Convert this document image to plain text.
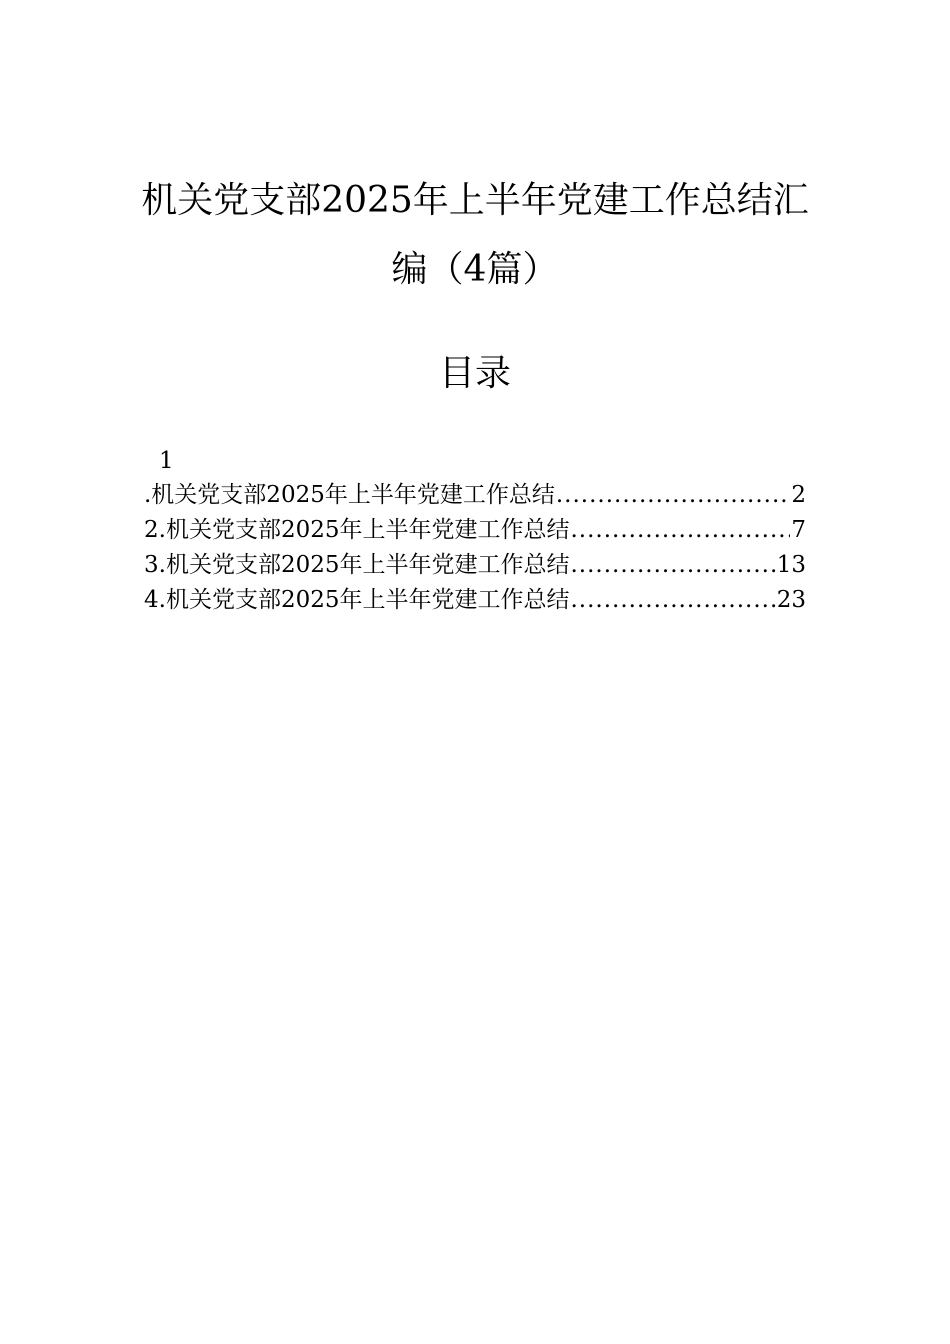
机关党支部2025年上半年党建工作总结汇
编（4篇）
目录
1
.机关党支部2025年上半年党建工作总结 .....	2
2.机关党支部2025年上半年党建工作总结 .....	7
3.机关党支部2025年上半年党建工作总结 .....	13
4.机关党支部2025年上半年党建工作总结 .....	23
